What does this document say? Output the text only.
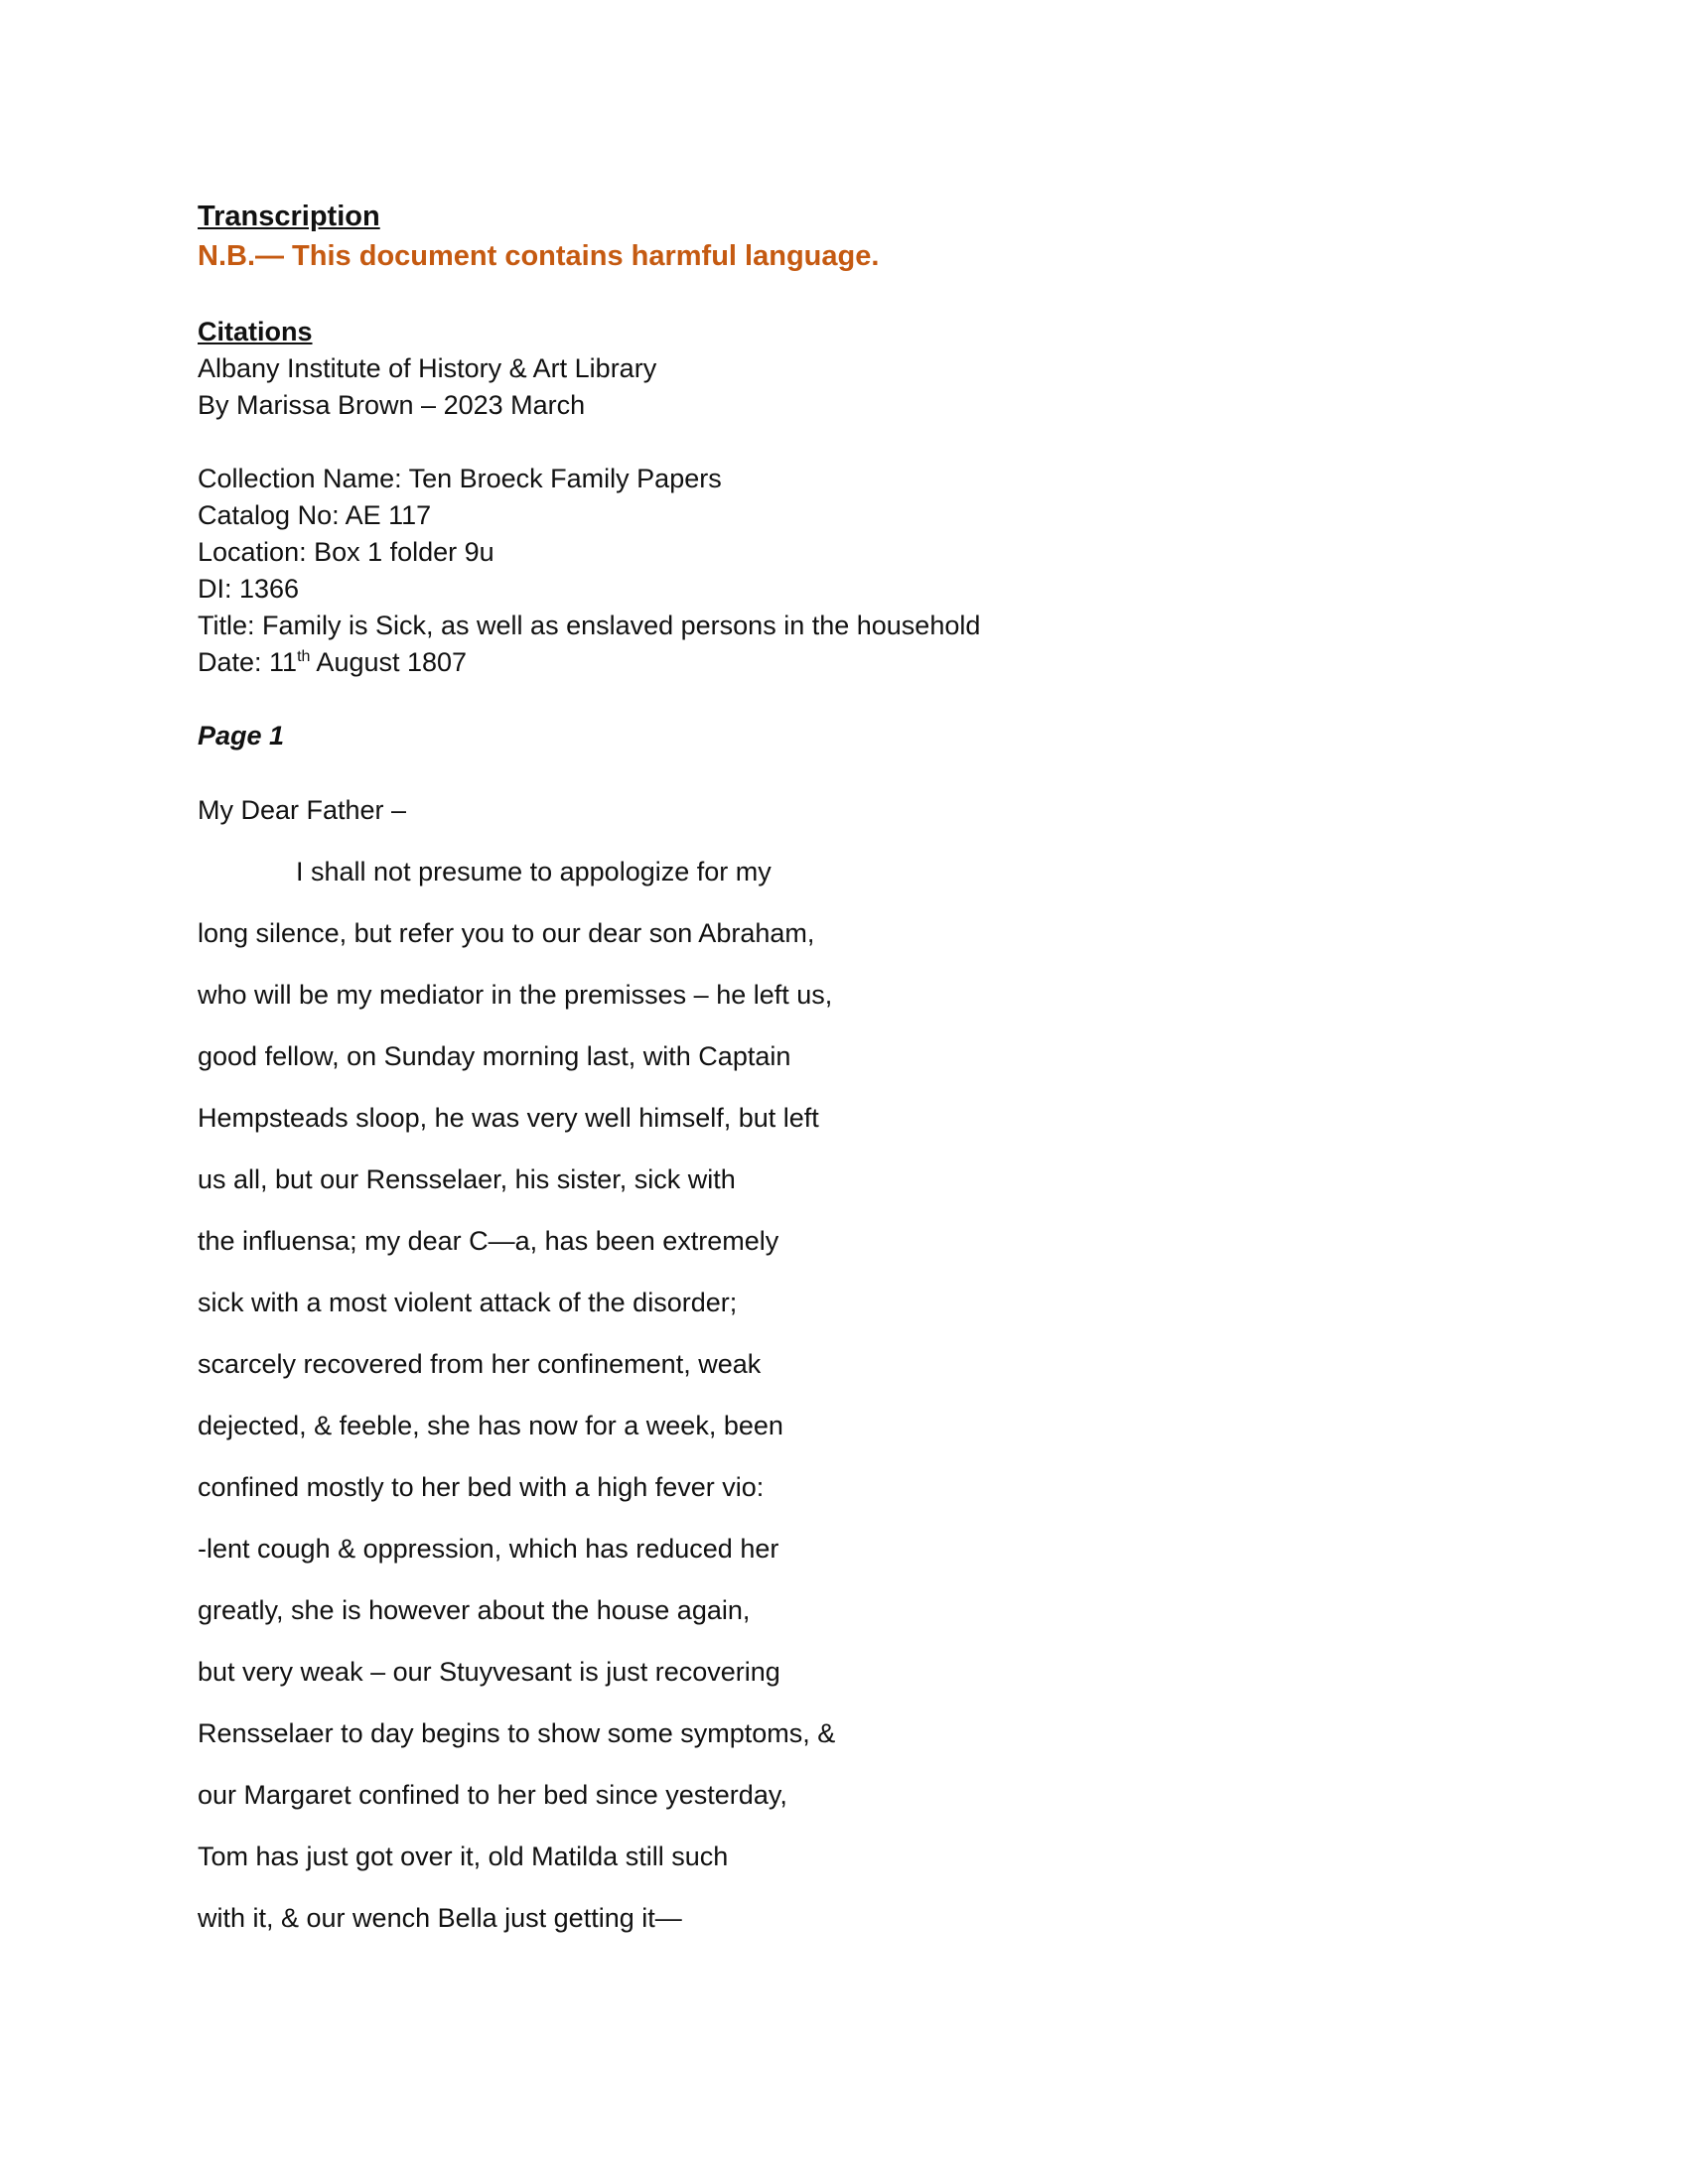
Transcription

N.B.— This document contains harmful language.

Citations

Albany Institute of History & Art Library

By Marissa Brown – 2023 March

Collection Name: Ten Broeck Family Papers

Catalog No: AE 117

Location: Box 1 folder 9u

DI: 1366

Title: Family is Sick, as well as enslaved persons in the household

Date: 11th August 1807

Page 1

My Dear Father –

I shall not presume to appologize for my

long silence, but refer you to our dear son Abraham,

who will be my mediator in the premisses – he left us,

good fellow, on Sunday morning last, with Captain

Hempsteads sloop, he was very well himself, but left

us all, but our Rensselaer, his sister, sick with

the influensa; my dear C—a, has been extremely

sick with a most violent attack of the disorder;

scarcely recovered from her confinement, weak

dejected, & feeble, she has now for a week, been

confined mostly to her bed with a high fever vio:

-lent cough & oppression, which has reduced her

greatly, she is however about the house again,

but very weak – our Stuyvesant is just recovering

Rensselaer to day begins to show some symptoms, &

our Margaret confined to her bed since yesterday,

Tom has just got over it, old Matilda still such

with it, & our wench Bella just getting it—
